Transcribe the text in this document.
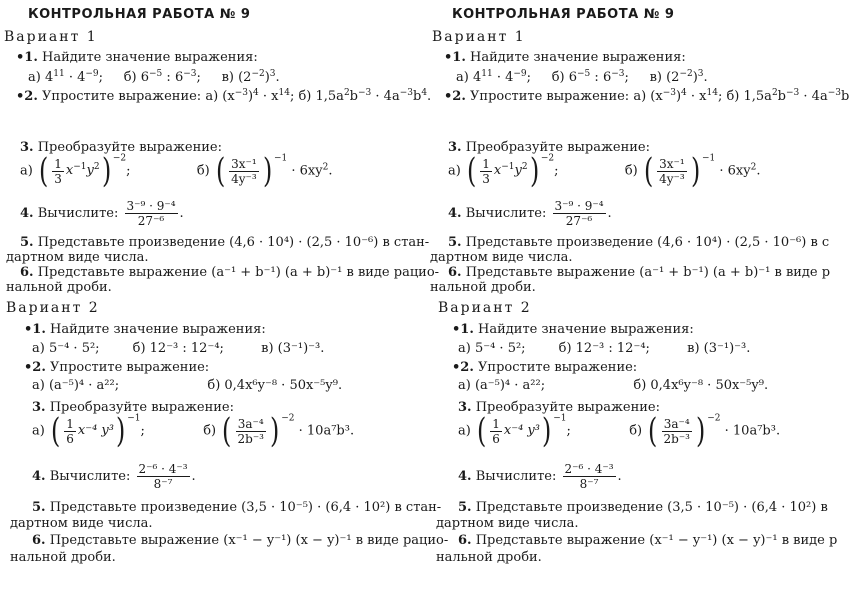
КОНТРОЛЬНАЯ РАБОТА № 9
Вариант 1
•1. Найдите значение выражения:
а) $4^{11} \cdot 4^{-9}$; б) $6^{-5}$ : $6^{-3}$; в) $(2^{-2})^3$.
•2. Упростите выражение: а) $(x^{-3})^4 \cdot x^{14}$; б) $1,5a^2b^{-3} \cdot 4a^{-3}b^4$.
3. Преобразуйте выражение:
а) ( $\frac{1}{3} x^{-1}y^2$) $^{-2}$;	б) ( $\frac{\text{3x⁻¹}}{\text{4y⁻³}}$ ) $^{-1} \cdot 6xy^2$.
4. Вычислите: $\frac{\text{3⁻⁹ · 9⁻⁴}}{\text{27⁻⁶}}$ .
5. Представьте произведение (4,6 · 10⁴) · (2,5 · 10⁻⁶) в стан-
дартном виде числа.
6. Представьте выражение (a⁻¹ + b⁻¹) (a + b)⁻¹ в виде рацио-
нальной дроби.
Вариант 2
•1. Найдите значение выражения:
а) 5⁻⁴ · 5²;	б) 12⁻³ : 12⁻⁴;	в) (3⁻¹)⁻³.
•2. Упростите выражение:
а) (a⁻⁵)⁴ · a²²;	б) 0,4x⁶y⁻⁸ · 50x⁻⁵y⁹.
3. Преобразуйте выражение:
а) ( $\frac{1}{6} x^{-4}$ y³) $^{-1}$;	б) ( $\frac{\text{3a⁻⁴}}{\text{2b⁻³}}$ ) $^{-2}$ · 10a⁷b³.
4. Вычислите: $\frac{\text{2⁻⁶ · 4⁻³}}{\text{8⁻⁷}}$ .
5. Представьте произведение (3,5 · 10⁻⁵) · (6,4 · 10²) в стан-
дартном виде числа.
6. Представьте выражение (x⁻¹ − y⁻¹) (x − y)⁻¹ в виде рацио-
нальной дроби.
КОНТРОЛЬНАЯ РАБОТА № 9
Вариант 1
•1. Найдите значение выражения:
а) $4^{11} \cdot 4^{-9}$; б) $6^{-5}$ : $6^{-3}$; в) $(2^{-2})^3$.
•2. Упростите выражение: а) $(x^{-3})^4 \cdot x^{14}$; б) $1,5a^2b^{-3} \cdot 4a^{-3}b$
3. Преобразуйте выражение:
а) ( $\frac{1}{3} x^{-1}y^2$) $^{-2}$;	б) ( $\frac{\text{3x⁻¹}}{\text{4y⁻³}}$ ) $^{-1} \cdot 6xy^2$.
4. Вычислите: $\frac{\text{3⁻⁹ · 9⁻⁴}}{\text{27⁻⁶}}$ .
5. Представьте произведение (4,6 · 10⁴) · (2,5 · 10⁻⁶) в с
дартном виде числа.
6. Представьте выражение (a⁻¹ + b⁻¹) (a + b)⁻¹ в виде р
нальной дроби.
Вариант 2
•1. Найдите значение выражения:
а) 5⁻⁴ · 5²;	б) 12⁻³ : 12⁻⁴;	в) (3⁻¹)⁻³.
•2. Упростите выражение:
а) (a⁻⁵)⁴ · a²²;	б) 0,4x⁶y⁻⁸ · 50x⁻⁵y⁹.
3. Преобразуйте выражение:
а) ( $\frac{1}{6} x^{-4}$ y³) $^{-1}$;	б) ( $\frac{\text{3a⁻⁴}}{\text{2b⁻³}}$ ) $^{-2}$ · 10a⁷b³.
4. Вычислите: $\frac{\text{2⁻⁶ · 4⁻³}}{\text{8⁻⁷}}$ .
5. Представьте произведение (3,5 · 10⁻⁵) · (6,4 · 10²) в
дартном виде числа.
6. Представьте выражение (x⁻¹ − y⁻¹) (x − y)⁻¹ в виде р
нальной дроби.
